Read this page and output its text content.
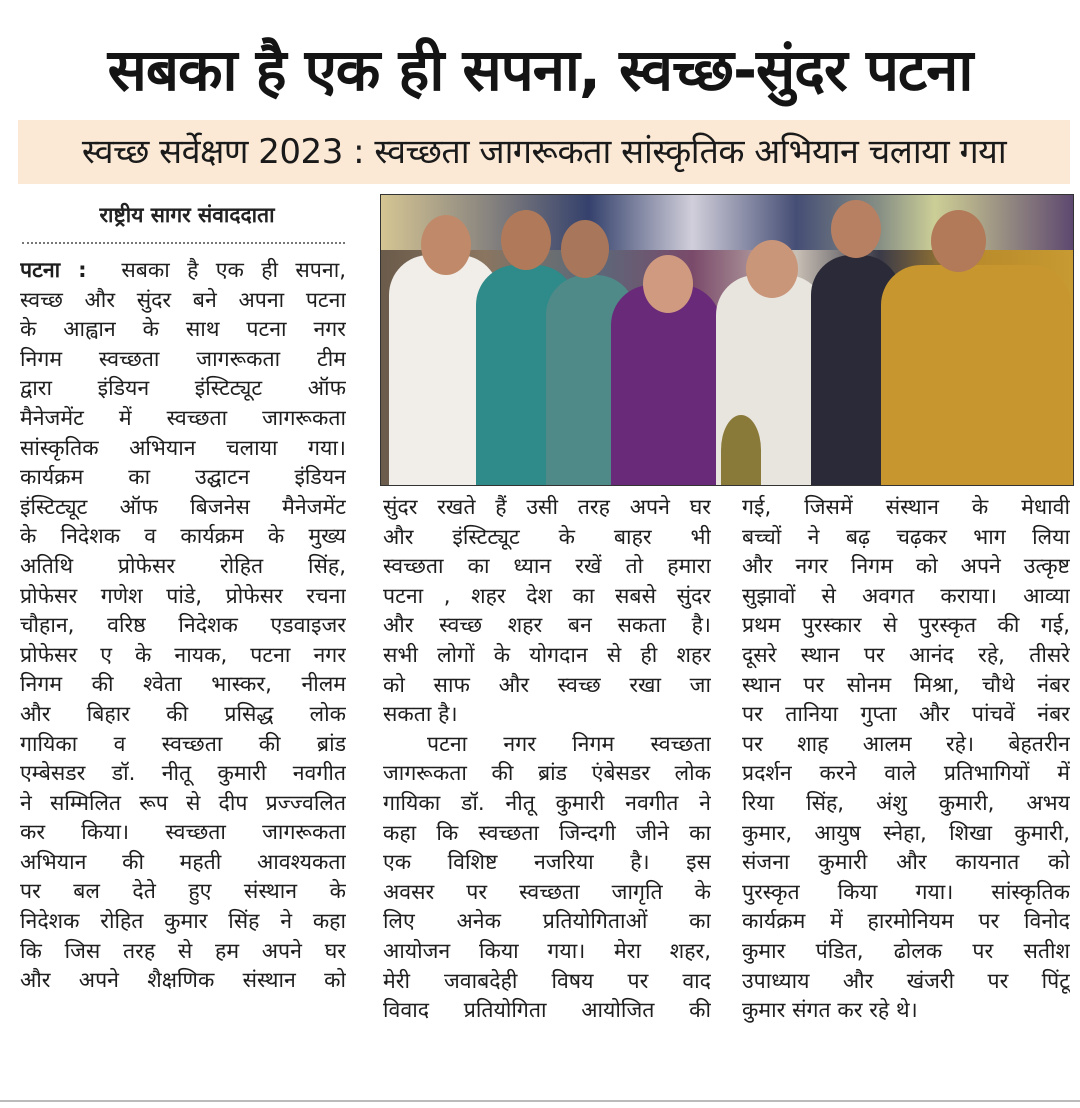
सबका है एक ही सपना, स्वच्छ-सुंदर पटना
स्वच्छ सर्वेक्षण 2023 : स्वच्छता जागरूकता सांस्कृतिक अभियान चलाया गया
राष्ट्रीय सागर संवाददाता
पटना : सबका है एक ही सपना,
स्वच्छ और सुंदर बने अपना पटना
के आह्वान के साथ पटना नगर
निगम स्वच्छता जागरूकता टीम
द्वारा इंडियन इंस्टिट्यूट ऑफ
मैनेजमेंट में स्वच्छता जागरूकता
सांस्कृतिक अभियान चलाया गया।
कार्यक्रम का उद्घाटन इंडियन
इंस्टिट्यूट ऑफ बिजनेस मैनेजमेंट
के निदेशक व कार्यक्रम के मुख्य
अतिथि प्रोफेसर रोहित सिंह,
प्रोफेसर गणेश पांडे, प्रोफेसर रचना
चौहान, वरिष्ठ निदेशक एडवाइजर
प्रोफेसर ए के नायक, पटना नगर
निगम की श्वेता भास्कर, नीलम
और बिहार की प्रसिद्ध लोक
गायिका व स्वच्छता की ब्रांड
एम्बेसडर डॉ. नीतू कुमारी नवगीत
ने सम्मिलित रूप से दीप प्रज्ज्वलित
कर किया। स्वच्छता जागरूकता
अभियान की महती आवश्यकता
पर बल देते हुए संस्थान के
निदेशक रोहित कुमार सिंह ने कहा
कि जिस तरह से हम अपने घर
और अपने शैक्षणिक संस्थान को
सुंदर रखते हैं उसी तरह अपने घर
और इंस्टिट्यूट के बाहर भी
स्वच्छता का ध्यान रखें तो हमारा
पटना , शहर देश का सबसे सुंदर
और स्वच्छ शहर बन सकता है।
सभी लोगों के योगदान से ही शहर
को साफ और स्वच्छ रखा जा
सकता है।
पटना नगर निगम स्वच्छता
जागरूकता की ब्रांड एंबेसडर लोक
गायिका डॉ. नीतू कुमारी नवगीत ने
कहा कि स्वच्छता जिन्दगी जीने का
एक विशिष्ट नजरिया है। इस
अवसर पर स्वच्छता जागृति के
लिए अनेक प्रतियोगिताओं का
आयोजन किया गया। मेरा शहर,
मेरी जवाबदेही विषय पर वाद
विवाद प्रतियोगिता आयोजित की
गई, जिसमें संस्थान के मेधावी
बच्चों ने बढ़ चढ़कर भाग लिया
और नगर निगम को अपने उत्कृष्ट
सुझावों से अवगत कराया। आव्या
प्रथम पुरस्कार से पुरस्कृत की गई,
दूसरे स्थान पर आनंद रहे, तीसरे
स्थान पर सोनम मिश्रा, चौथे नंबर
पर तानिया गुप्ता और पांचवें नंबर
पर शाह आलम रहे। बेहतरीन
प्रदर्शन करने वाले प्रतिभागियों में
रिया सिंह, अंशु कुमारी, अभय
कुमार, आयुष स्नेहा, शिखा कुमारी,
संजना कुमारी और कायनात को
पुरस्कृत किया गया। सांस्कृतिक
कार्यक्रम में हारमोनियम पर विनोद
कुमार पंडित, ढोलक पर सतीश
उपाध्याय और खंजरी पर पिंटू
कुमार संगत कर रहे थे।
